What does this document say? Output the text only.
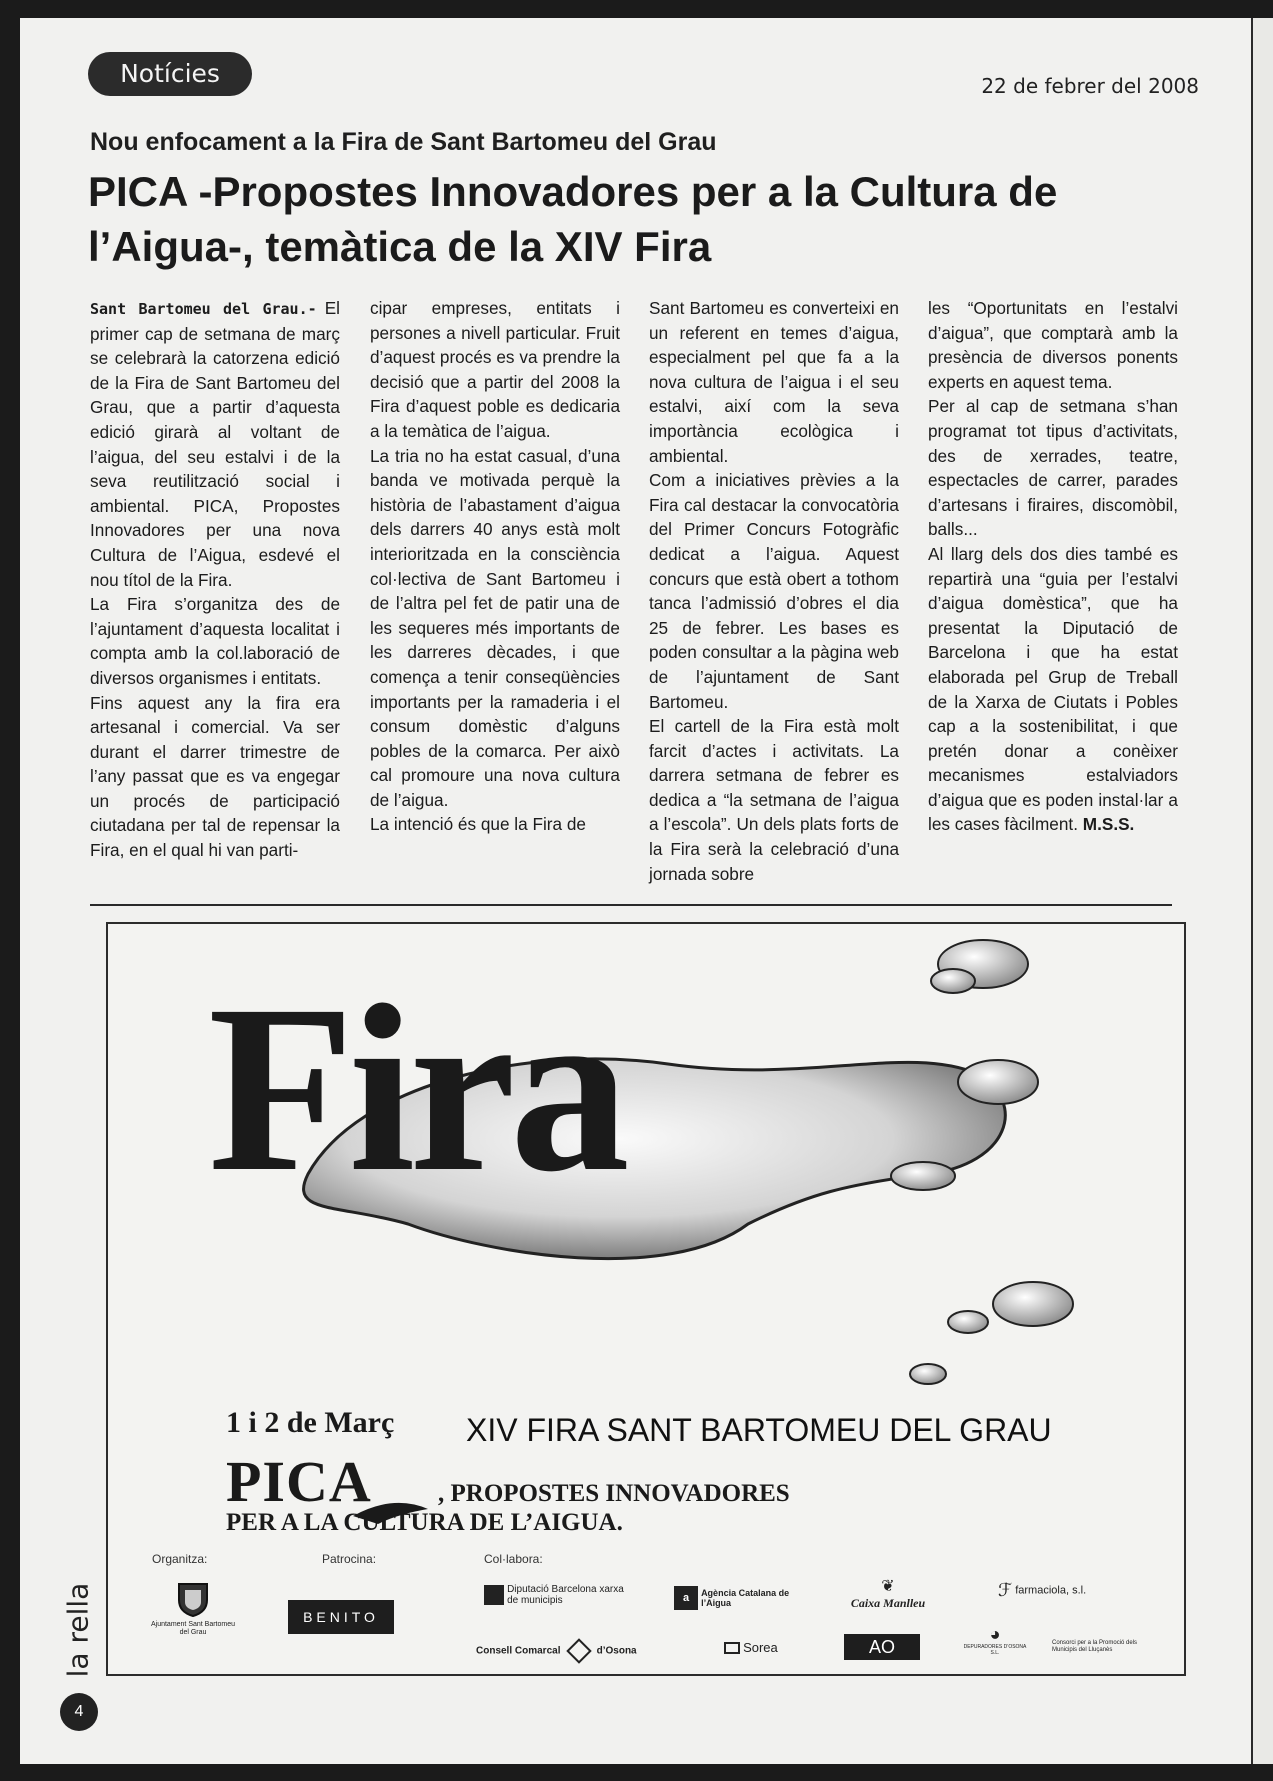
Notícies	22 de febrer del 2008
Nou enfocament a la Fira de Sant Bartomeu del Grau
PICA -Propostes Innovadores per a la Cultura de l’Aigua-, temàtica de la XIV Fira

Sant Bartomeu del Grau.- El primer cap de setmana de març se celebrarà la catorzena edició de la Fira de Sant Bartomeu del Grau, que a partir d’aquesta edició girarà al voltant de l’aigua, del seu estalvi i de la seva reutilització social i ambiental. PICA, Propostes Innovadores per una nova Cultura de l’Aigua, esdevé el nou títol de la Fira.

La Fira s’organitza des de l’ajuntament d’aquesta localitat i compta amb la col.laboració de diversos organismes i entitats.

Fins aquest any la fira era artesanal i comercial. Va ser durant el darrer trimestre de l’any passat que es va engegar un procés de participació ciutadana per tal de repensar la Fira, en el qual hi van parti-

cipar empreses, entitats i persones a nivell particular. Fruit d’aquest procés es va prendre la decisió que a partir del 2008 la Fira d’aquest poble es dedicaria a la temàtica de l’aigua.

La tria no ha estat casual, d’una banda ve motivada perquè la història de l’abastament d’aigua dels darrers 40 anys està molt interioritzada en la consciència col·lectiva de Sant Bartomeu i de l’altra pel fet de patir una de les sequeres més importants de les darreres dècades, i que comença a tenir conseqüències importants per la ramaderia i el consum domèstic d’alguns pobles de la comarca. Per això cal promoure una nova cultura de l’aigua.

La intenció és que la Fira de

Sant Bartomeu es converteixi en un referent en temes d’aigua, especialment pel que fa a la nova cultura de l’aigua i el seu estalvi, així com la seva importància ecològica i ambiental.

Com a iniciatives prèvies a la Fira cal destacar la convocatòria del Primer Concurs Fotogràfic dedicat a l’aigua. Aquest concurs que està obert a tothom tanca l’admissió d’obres el dia 25 de febrer. Les bases es poden consultar a la pàgina web de l’ajuntament de Sant Bartomeu.

El cartell de la Fira està molt farcit d’actes i activitats. La darrera setmana de febrer es dedica a “la setmana de l’aigua a l’escola”. Un dels plats forts de la Fira serà la celebració d’una jornada sobre

les “Oportunitats en l’estalvi d’aigua”, que comptarà amb la presència de diversos ponents experts en aquest tema.

Per al cap de setmana s’han programat tot tipus d’activitats, des de xerrades, teatre, espectacles de carrer, parades d’artesans i firaires, discomòbil, balls...

Al llarg dels dos dies també es repartirà una “guia per l’estalvi d’aigua domèstica”, que ha presentat la Diputació de Barcelona i que ha estat elaborada pel Grup de Treball de la Xarxa de Ciutats i Pobles cap a la sostenibilitat, i que pretén donar a conèixer mecanismes estalviadors d’aigua que es poden instal·lar a les cases fàcilment. M.S.S.

Fira
1 i 2 de Març XIV FIRA SANT BARTOMEU DEL GRAU
PICA	, PROPOSTES INNOVADORES
PER A LA CULTURA DE L’AIGUA.
Organitza:	Patrocina:	Col·labora:
Ajuntament Sant Bartomeu del Grau
BENITO
Diputació Barcelona xarxa de municipis	a Agència Catalana de l’Aigua
❦
Caixa Manlleu
ℱ farmaciola, s.l.
Consell Comarcal	d’Osona	Sorea	AO
◕
DEPURADORES D’OSONA S.L.
Consorci per a la Promoció dels Municipis del Lluçanès
la rella
4
